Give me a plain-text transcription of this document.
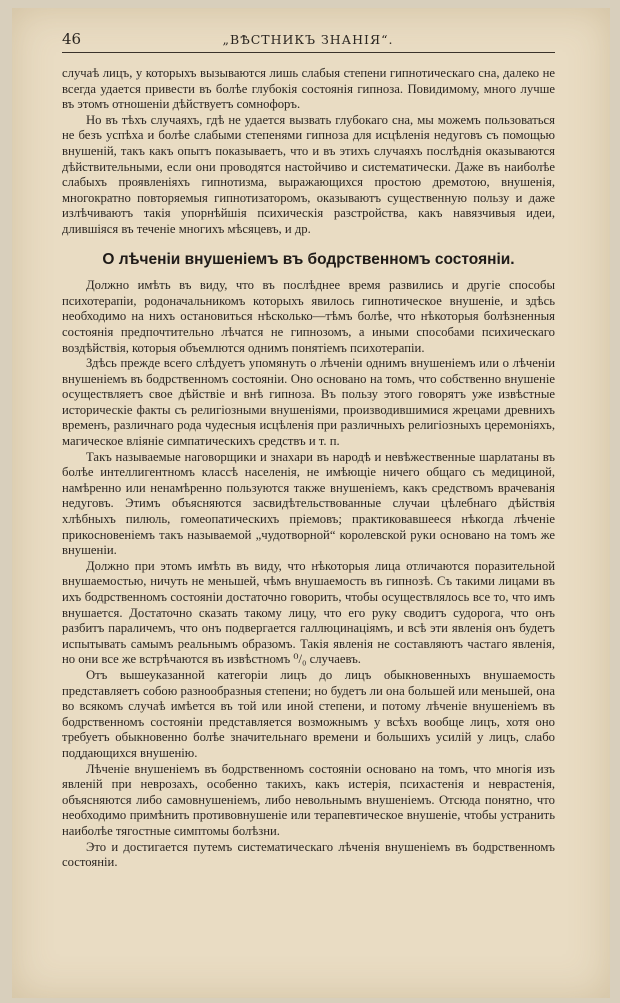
46	„ВѢСТНИКЪ ЗНАНIЯ“.

случаѣ лицъ, у которыхъ вызываются лишь слабыя степени гипнотическаго сна, далеко не всегда удается привести въ болѣе глубокія состоянія гипноза. Повидимому, много лучше въ этомъ отношеніи дѣйствуетъ сомнофоръ.

Но въ тѣхъ случаяхъ, гдѣ не удается вызвать глубокаго сна, мы можемъ пользоваться не безъ успѣха и болѣе слабыми степенями гипноза для исцѣленія недуговъ съ помощью внушеній, такъ какъ опытъ показываетъ, что и въ этихъ случаяхъ послѣднія оказываются дѣйствительными, если они проводятся настойчиво и систематически. Даже въ наиболѣе слабыхъ проявленіяхъ гипнотизма, выражающихся простою дремотою, внушенія, многократно повторяемыя гипнотизаторомъ, оказываютъ существенную пользу и даже излѣчиваютъ такія упорнѣйшія психическія разстройства, какъ навязчивыя идеи, длившіяся въ теченіе многихъ мѣсяцевъ, и др.

О лѣченіи внушеніемъ въ бодрственномъ состояніи.

Должно имѣть въ виду, что въ послѣднее время развились и другіе способы психотерапіи, родоначальникомъ которыхъ явилось гипнотическое внушеніе, и здѣсь необходимо на нихъ остановиться нѣсколько—тѣмъ болѣе, что нѣкоторыя болѣзненныя состоянія предпочтительно лѣчатся не гипнозомъ, а иными способами психическаго воздѣйствія, которыя объемлются однимъ понятіемъ психотерапіи.

Здѣсь прежде всего слѣдуетъ упомянуть о лѣченіи однимъ внушеніемъ или о лѣченіи внушеніемъ въ бодрственномъ состояніи. Оно основано на томъ, что собственно внушеніе осуществляетъ свое дѣйствіе и внѣ гипноза. Въ пользу этого говорятъ уже извѣстные историческіе факты съ религіозными внушеніями, производившимися жрецами древнихъ временъ, различнаго рода чудесныя исцѣленія при различныхъ религіозныхъ церемоніяхъ, магическое вліяніе симпатическихъ средствъ и т. п.

Такъ называемые наговорщики и знахари въ народѣ и невѣжественные шарлатаны въ болѣе интеллигентномъ классѣ населенія, не имѣющіе ничего общаго съ медициной, намѣренно или ненамѣренно пользуются также внушеніемъ, какъ средствомъ врачеванія недуговъ. Этимъ объясняются засвидѣтельствованные случаи цѣлебнаго дѣйствія хлѣбныхъ пилюль, гомеопатическихъ пріемовъ; практиковавшееся нѣкогда лѣченіе прикосновеніемъ такъ называемой „чудотворной“ королевской руки основано на томъ же внушеніи.

Должно при этомъ имѣть въ виду, что нѣкоторыя лица отличаются поразительной внушаемостью, ничуть не меньшей, чѣмъ внушаемость въ гипнозѣ. Съ такими лицами въ ихъ бодрственномъ состояніи достаточно говорить, чтобы осуществлялось все то, что имъ внушается. Достаточно сказать такому лицу, что его руку сводитъ судорога, что онъ разбитъ параличемъ, что онъ подвергается галлюцинаціямъ, и всѣ эти явленія онъ будетъ испытывать самымъ реальнымъ образомъ. Такія явленія не составляютъ частаго явленія, но они все же встрѣчаются въ извѣстномъ ⁰/₀ случаевъ.

Отъ вышеуказанной категоріи лицъ до лицъ обыкновенныхъ внушаемость представляетъ собою разнообразныя степени; но будетъ ли она большей или меньшей, она во всякомъ случаѣ имѣется въ той или иной степени, и потому лѣченіе внушеніемъ въ бодрственномъ состояніи представляется возможнымъ у всѣхъ вообще лицъ, хотя оно требуетъ обыкновенно болѣе значительнаго времени и большихъ усилій у лицъ, слабо поддающихся внушенію.

Лѣченіе внушеніемъ въ бодрственномъ состояніи основано на томъ, что многія изъ явленій при неврозахъ, особенно такихъ, какъ истерія, психастенія и неврастенія, объясняются либо самовнушеніемъ, либо невольнымъ внушеніемъ. Отсюда понятно, что необходимо примѣнить противовнушеніе или терапевтическое внушеніе, чтобы устранить наиболѣе тягостные симптомы болѣзни.

Это и достигается путемъ систематическаго лѣченія внушеніемъ въ бодрственномъ состояніи.
